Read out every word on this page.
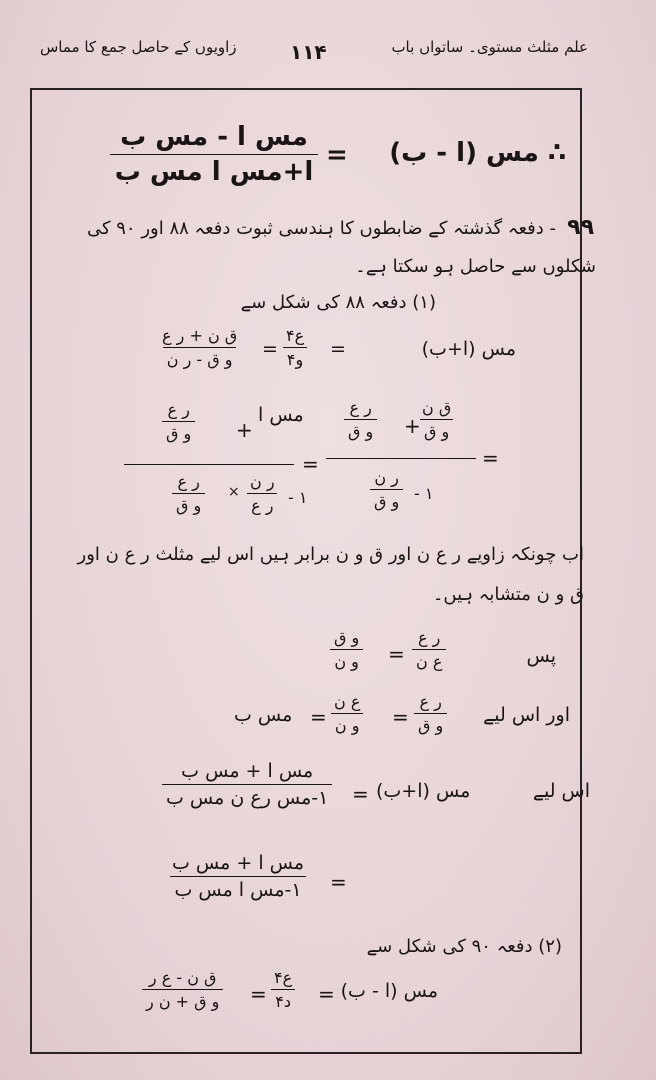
علم مثلث مستوی۔ ساتواں باب
۱۱۴
زاویوں کے حاصل جمع کا مماس
∴ مس (ا - ب)
=
مس ا - مس ب
ا+مس ا مس ب
۹۹
- دفعہ گذشتہ کے ضابطوں کا ہندسی ثبوت دفعہ ۸۸ اور ۹۰ کی
شکلوں سے حاصل ہو سکتا ہے۔
(۱) دفعہ ۸۸ کی شکل سے
مس (ا+ب)
=
ع۴
و۴
=
ق ن + ر ع
و ق - ر ن
ق ن
و ق
+
ر ع
و ق
۱ -
ر ن
و ق
=
مس ا
+
ر ع
و ق
۱ -
ر ن
ر ع
×
ر ع
و ق
=
اب چونکہ زاویے ر ع ن اور ق و ن برابر ہیں اس لیے مثلث ر ع ن اور
ق و ن متشابہ ہیں۔
پس
ر ع
ع ن
=
و ق
و ن
اور اس لیے
ر ع
و ق
=
ع ن
و ن
=
مس ب
اس لیے
مس (ا+ب)
=
مس ا + مس ب
۱-مس رع ن مس ب
=
مس ا + مس ب
۱-مس ا مس ب
(۲) دفعہ ۹۰ کی شکل سے
مس (ا - ب)
=
ع۴
د۴
=
ق ن - ع ر
و ق + ن ر
